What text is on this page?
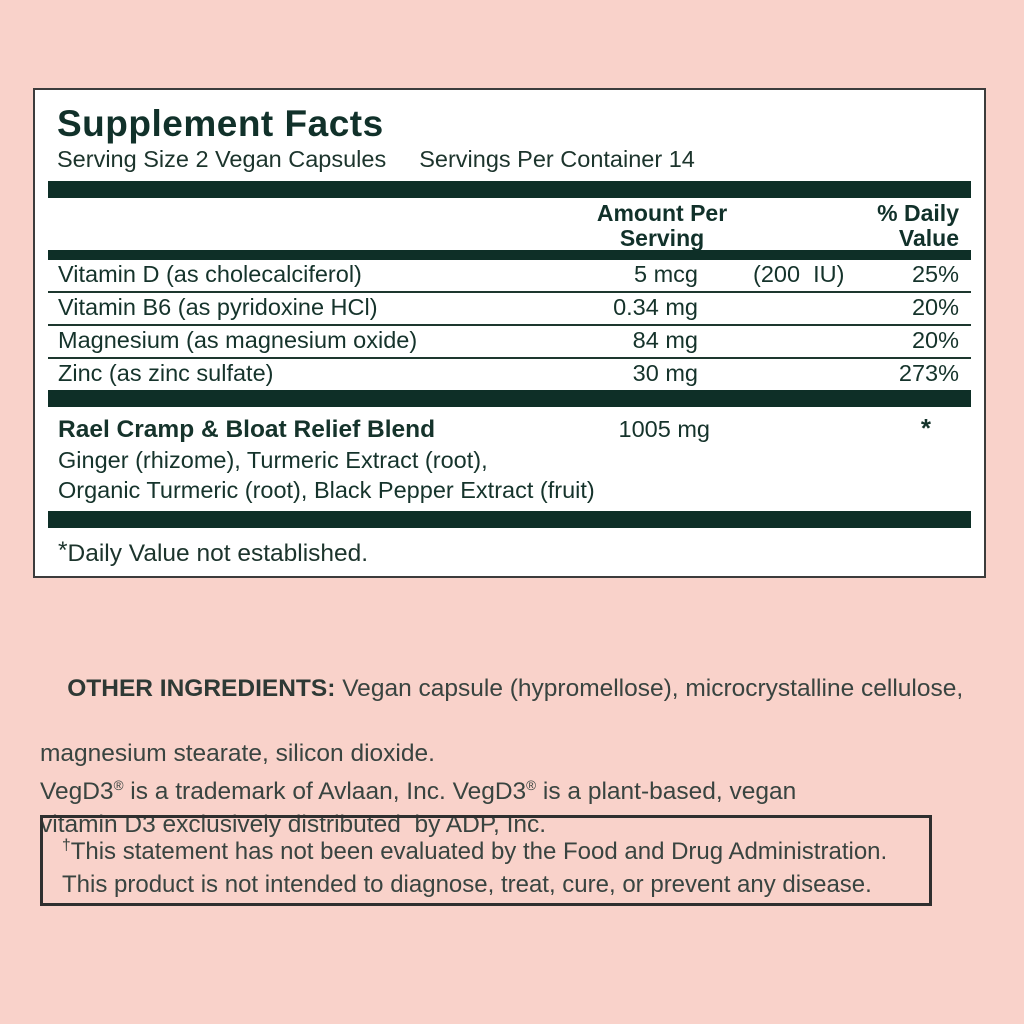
Supplement Facts
Serving Size 2 Vegan Capsules Servings Per Container 14
Amount Per
Serving
% Daily
Value
Vitamin D (as cholecalciferol)	5 mcg	(200  IU)	25%
Vitamin B6 (as pyridoxine HCl)	0.34 mg	20%
Magnesium (as magnesium oxide)	84 mg	20%
Zinc (as zinc sulfate)	30 mg	273%
Rael Cramp & Bloat Relief Blend	1005 mg	*
Ginger (rhizome), Turmeric Extract (root),
Organic Turmeric (root), Black Pepper Extract (fruit)
*Daily Value not established.

OTHER INGREDIENTS: Vegan capsule (hypromellose), microcrystalline cellulose,

magnesium stearate, silicon dioxide.
VegD3® is a trademark of Avlaan, Inc. VegD3® is a plant-based, vegan
vitamin D3 exclusively distributed  by ADP, Inc.
†This statement has not been evaluated by the Food and Drug Administration.
This product is not intended to diagnose, treat, cure, or prevent any disease.
